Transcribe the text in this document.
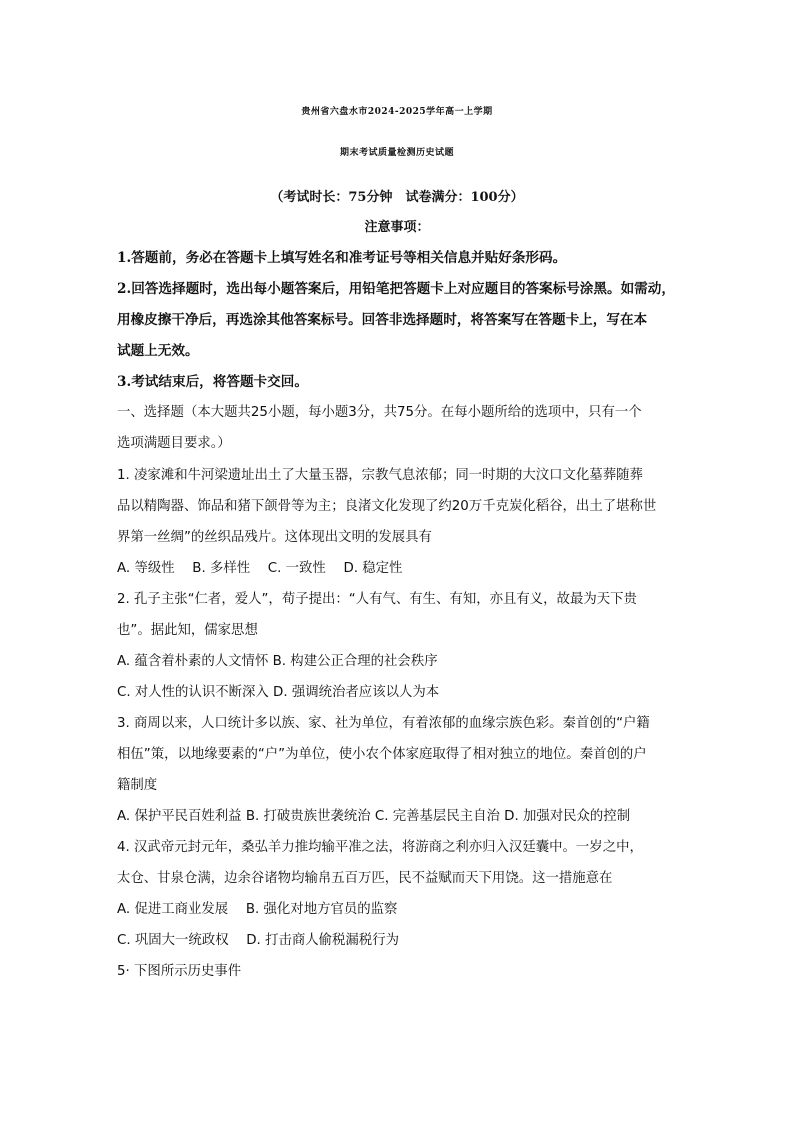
贵州省六盘水市2024-2025学年高一上学期
期末考试质量检测历史试题
（考试时长：75分钟　试卷满分：100分）
注意事项：
1.答题前，务必在答题卡上填写姓名和准考证号等相关信息并贴好条形码。
2.回答选择题时，选出每小题答案后，用铅笔把答题卡上对应题目的答案标号涂黑。如需动，
用橡皮擦干净后，再选涂其他答案标号。回答非选择题时，将答案写在答题卡上，写在本
试题上无效。
3.考试结束后，将答题卡交回。
一、选择题（本大题共25小题，每小题3分，共75分。在每小题所给的选项中，只有一个
选项满题目要求。）
1. 凌家滩和牛河梁遗址出土了大量玉器，宗教气息浓郁；同一时期的大汶口文化墓葬随葬
品以精陶器、饰品和猪下颌骨等为主；良渚文化发现了约20万千克炭化稻谷，出土了堪称世
界第一丝绸”的丝织品残片。这体现出文明的发展具有
A. 等级性　 B. 多样性　 C. 一致性　 D. 稳定性
2. 孔子主张“仁者，爱人”，荀子提出：“人有气、有生、有知，亦且有义，故最为天下贵
也”。据此知，儒家思想
A. 蕴含着朴素的人文情怀 B. 构建公正合理的社会秩序
C. 对人性的认识不断深入 D. 强调统治者应该以人为本
3. 商周以来，人口统计多以族、家、社为单位，有着浓郁的血缘宗族色彩。秦首创的“户籍
相伍”策，以地缘要素的“户”为单位，使小农个体家庭取得了相对独立的地位。秦首创的户
籍制度
A. 保护平民百姓利益 B. 打破贵族世袭统治 C. 完善基层民主自治 D. 加强对民众的控制
4. 汉武帝元封元年，桑弘羊力推均输平准之法，将游商之利亦归入汉廷囊中。一岁之中，
太仓、甘泉仓满，边余谷诸物均输帛五百万匹，民不益赋而天下用饶。这一措施意在
A. 促进工商业发展　 B. 强化对地方官员的监察
C. 巩固大一统政权　 D. 打击商人偷税漏税行为
5· 下图所示历史事件
